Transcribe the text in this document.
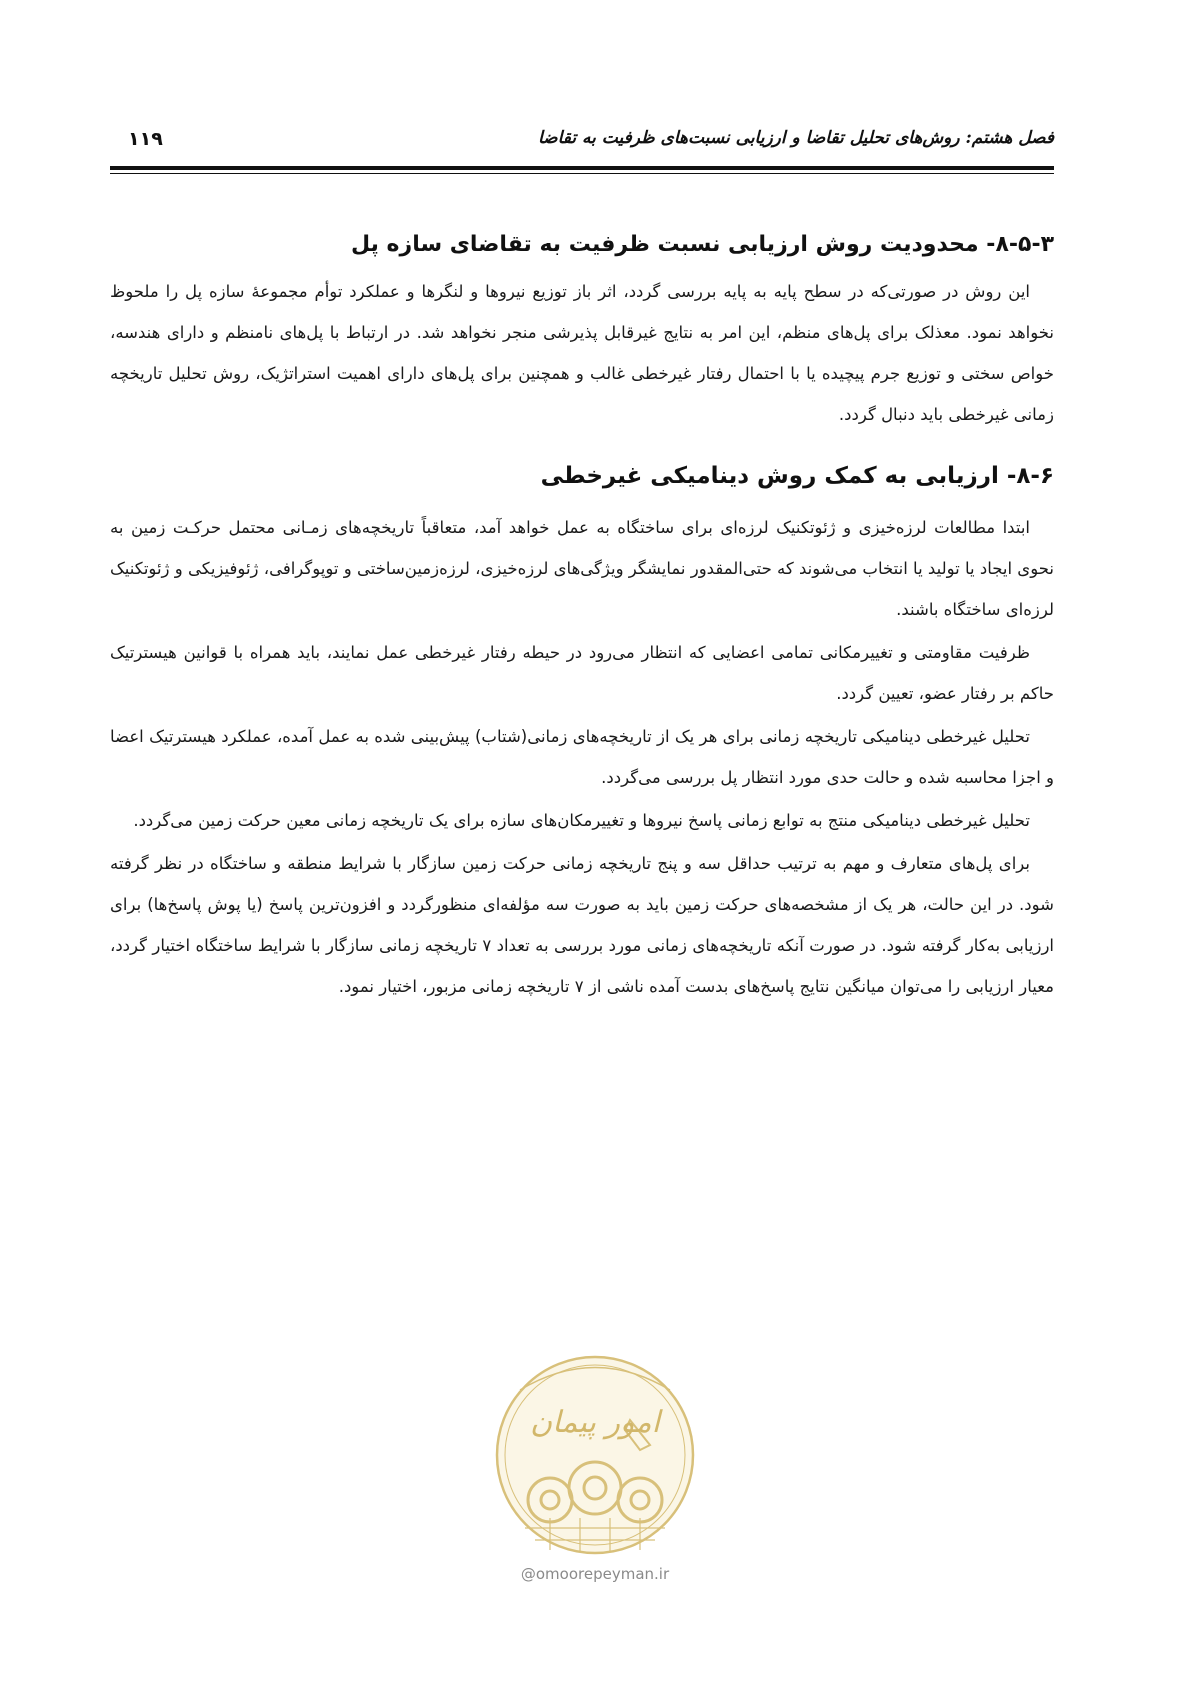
فصل هشتم: روش‌های تحلیل تقاضا و ارزیابی نسبت‌های ظرفیت به تقاضا
۱۱۹
۸-۵-۳- محدودیت روش ارزیابی نسبت ظرفیت به تقاضای سازه پل

این روش در صورتی‌که در سطح پایه به پایه بررسی گردد، اثر باز توزیع نیروها و لنگرها و عملکرد توأم مجموعهٔ سازه پل را ملحوظ نخواهد نمود. معذلک برای پل‌های منظم، این امر به نتایج غیرقابل پذیرشی منجر نخواهد شد. در ارتباط با پل‌های نامنظم و دارای هندسه، خواص سختی و توزیع جرم پیچیده یا با احتمال رفتار غیرخطی غالب و همچنین برای پل‌های دارای اهمیت استراتژیک، روش تحلیل تاریخچه زمانی غیرخطی باید دنبال گردد.

۸-۶- ارزیابی به کمک روش دینامیکی غیرخطی

ابتدا مطالعات لرزه‌خیزی و ژئوتکنیک لرزه‌ای برای ساختگاه به عمل خواهد آمد، متعاقباً تاریخچه‌های زمـانی محتمل حرکـت زمین به نحوی ایجاد یا تولید یا انتخاب می‌شوند که حتی‌المقدور نمایشگر ویژگی‌های لرزه‌خیزی، لرزه‌زمین‌ساختی و توپوگرافی، ژئوفیزیکی و ژئوتکنیک لرزه‌ای ساختگاه باشند.

ظرفیت مقاومتی و تغییرمکانی تمامی اعضایی که انتظار می‌رود در حیطه رفتار غیرخطی عمل نمایند، باید همراه با قوانین هیسترتیک حاکم بر رفتار عضو، تعیین گردد.

تحلیل غیرخطی دینامیکی تاریخچه زمانی برای هر یک از تاریخچه‌های زمانی(شتاب) پیش‌بینی شده به عمل آمده، عملکرد هیسترتیک اعضا و اجزا محاسبه شده و حالت حدی مورد انتظار پل بررسی می‌گردد.

تحلیل غیرخطی دینامیکی منتج به توابع زمانی پاسخ نیروها و تغییرمکان‌های سازه برای یک تاریخچه زمانی معین حرکت زمین می‌گردد.

برای پل‌های متعارف و مهم به ترتیب حداقل سه و پنج تاریخچه زمانی حرکت زمین سازگار با شرایط منطقه و ساختگاه در نظر گرفته شود. در این حالت، هر یک از مشخصه‌های حرکت زمین باید به صورت سه مؤلفه‌ای منظورگردد و افزون‌ترین پاسخ (یا پوش پاسخ‌ها) برای ارزیابی به‌کار گرفته شود. در صورت آنکه تاریخچه‌های زمانی مورد بررسی به تعداد ۷ تاریخچه زمانی سازگار با شرایط ساختگاه اختیار گردد، معیار ارزیابی را می‌توان میانگین نتایج پاسخ‌های بدست آمده ناشی از ۷ تاریخچه زمانی مزبور، اختیار نمود.

امور پیمان
@omoorepeyman.ir
